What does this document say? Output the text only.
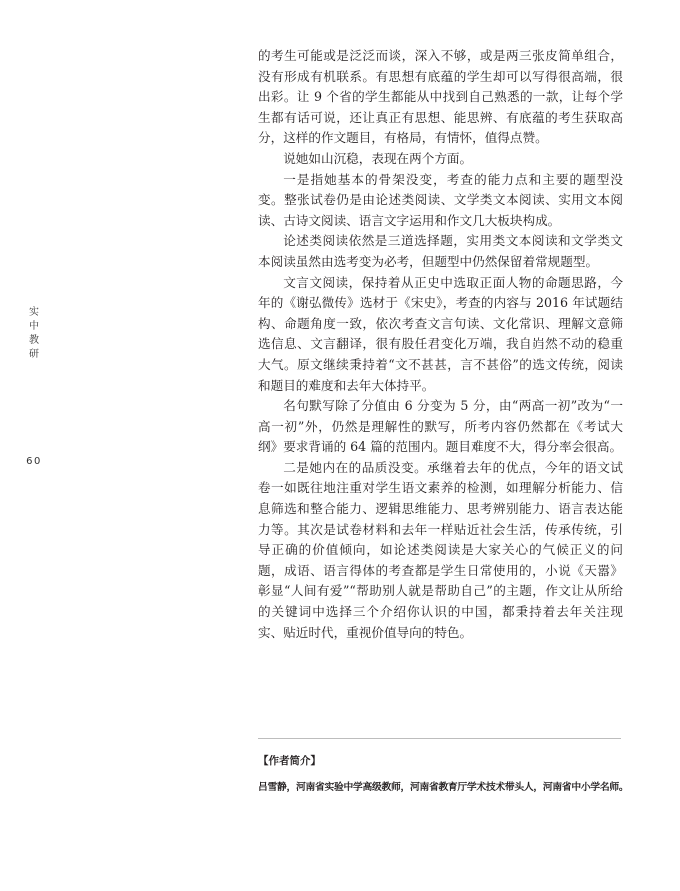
实
中
教
研
60

的考生可能或是泛泛而谈，深入不够，或是两三张皮简单组合，没有形成有机联系。有思想有底蕴的学生却可以写得很高端，很出彩。让 9 个省的学生都能从中找到自己熟悉的一款，让每个学生都有话可说，还让真正有思想、能思辨、有底蕴的考生获取高分，这样的作文题目，有格局，有情怀，值得点赞。

说她如山沉稳，表现在两个方面。

一是指她基本的骨架没变，考查的能力点和主要的题型没变。整张试卷仍是由论述类阅读、文学类文本阅读、实用文本阅读、古诗文阅读、语言文字运用和作文几大板块构成。

论述类阅读依然是三道选择题，实用类文本阅读和文学类文本阅读虽然由选考变为必考，但题型中仍然保留着常规题型。

文言文阅读，保持着从正史中选取正面人物的命题思路，今年的《谢弘微传》选材于《宋史》，考查的内容与 2016 年试题结构、命题角度一致，依次考查文言句读、文化常识、理解文意筛选信息、文言翻译，很有股任君变化万端，我自岿然不动的稳重大气。原文继续秉持着“文不甚甚，言不甚俗”的选文传统，阅读和题目的难度和去年大体持平。

名句默写除了分值由 6 分变为 5 分，由“两高一初”改为“一高一初”外，仍然是理解性的默写，所考内容仍然都在《考试大纲》要求背诵的 64 篇的范围内。题目难度不大，得分率会很高。

二是她内在的品质没变。承继着去年的优点，今年的语文试卷一如既往地注重对学生语文素养的检测，如理解分析能力、信息筛选和整合能力、逻辑思维能力、思考辨别能力、语言表达能力等。其次是试卷材料和去年一样贴近社会生活，传承传统，引导正确的价值倾向，如论述类阅读是大家关心的气候正义的问题，成语、语言得体的考查都是学生日常使用的，小说《天嚣》彰显“人间有爱”“帮助别人就是帮助自己”的主题，作文让从所给的关键词中选择三个介绍你认识的中国，都秉持着去年关注现实、贴近时代，重视价值导向的特色。

【作者简介】
吕雪静，河南省实验中学高级教师，河南省教育厅学术技术带头人，河南省中小学名师。
